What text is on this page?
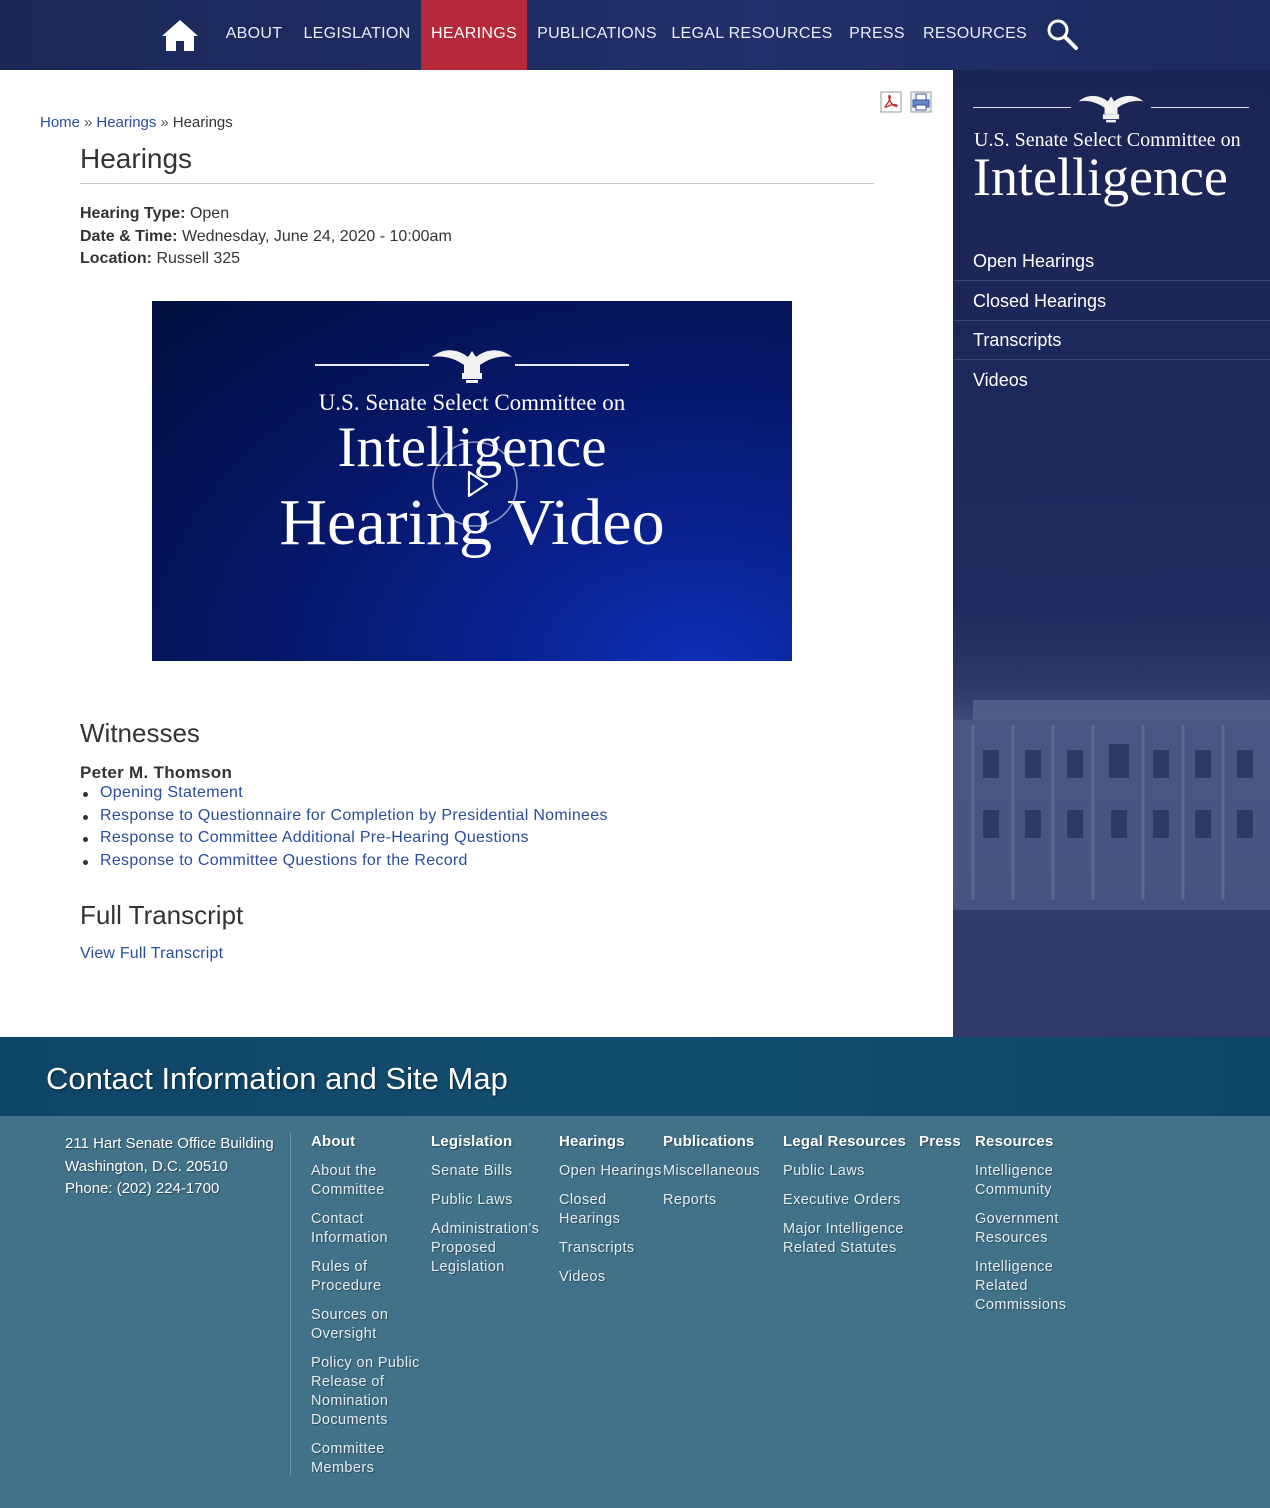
ABOUT	LEGISLATION	HEARINGS	PUBLICATIONS LEGAL RESOURCES	PRESS	RESOURCES
Home » Hearings » Hearings
Hearings
Hearing Type: Open
Date & Time: Wednesday, June 24, 2020 - 10:00am
Location: Russell 325
U.S. Senate Select Committee on
Intelligence
Hearing Video
Witnesses
Peter M. Thomson
Opening Statement
Response to Questionnaire for Completion by Presidential Nominees
Response to Committee Additional Pre-Hearing Questions
Response to Committee Questions for the Record
Full Transcript
View Full Transcript
U.S. Senate Select Committee on
Intelligence
Open Hearings
Closed Hearings
Transcripts
Videos
Contact Information and Site Map
211 Hart Senate Office Building
Washington, D.C. 20510
Phone: (202) 224-1700
About
About the
Committee
Contact
Information
Rules of
Procedure
Sources on
Oversight
Policy on Public
Release of
Nomination
Documents
Committee
Members
Legislation
Senate Bills
Public Laws
Administration's
Proposed
Legislation
Hearings
Open Hearings
Closed
Hearings
Transcripts
Videos
Publications
Miscellaneous
Reports
Legal Resources
Public Laws
Executive Orders
Major Intelligence
Related Statutes
Press Resources
Intelligence
Community
Government
Resources
Intelligence
Related
Commissions
